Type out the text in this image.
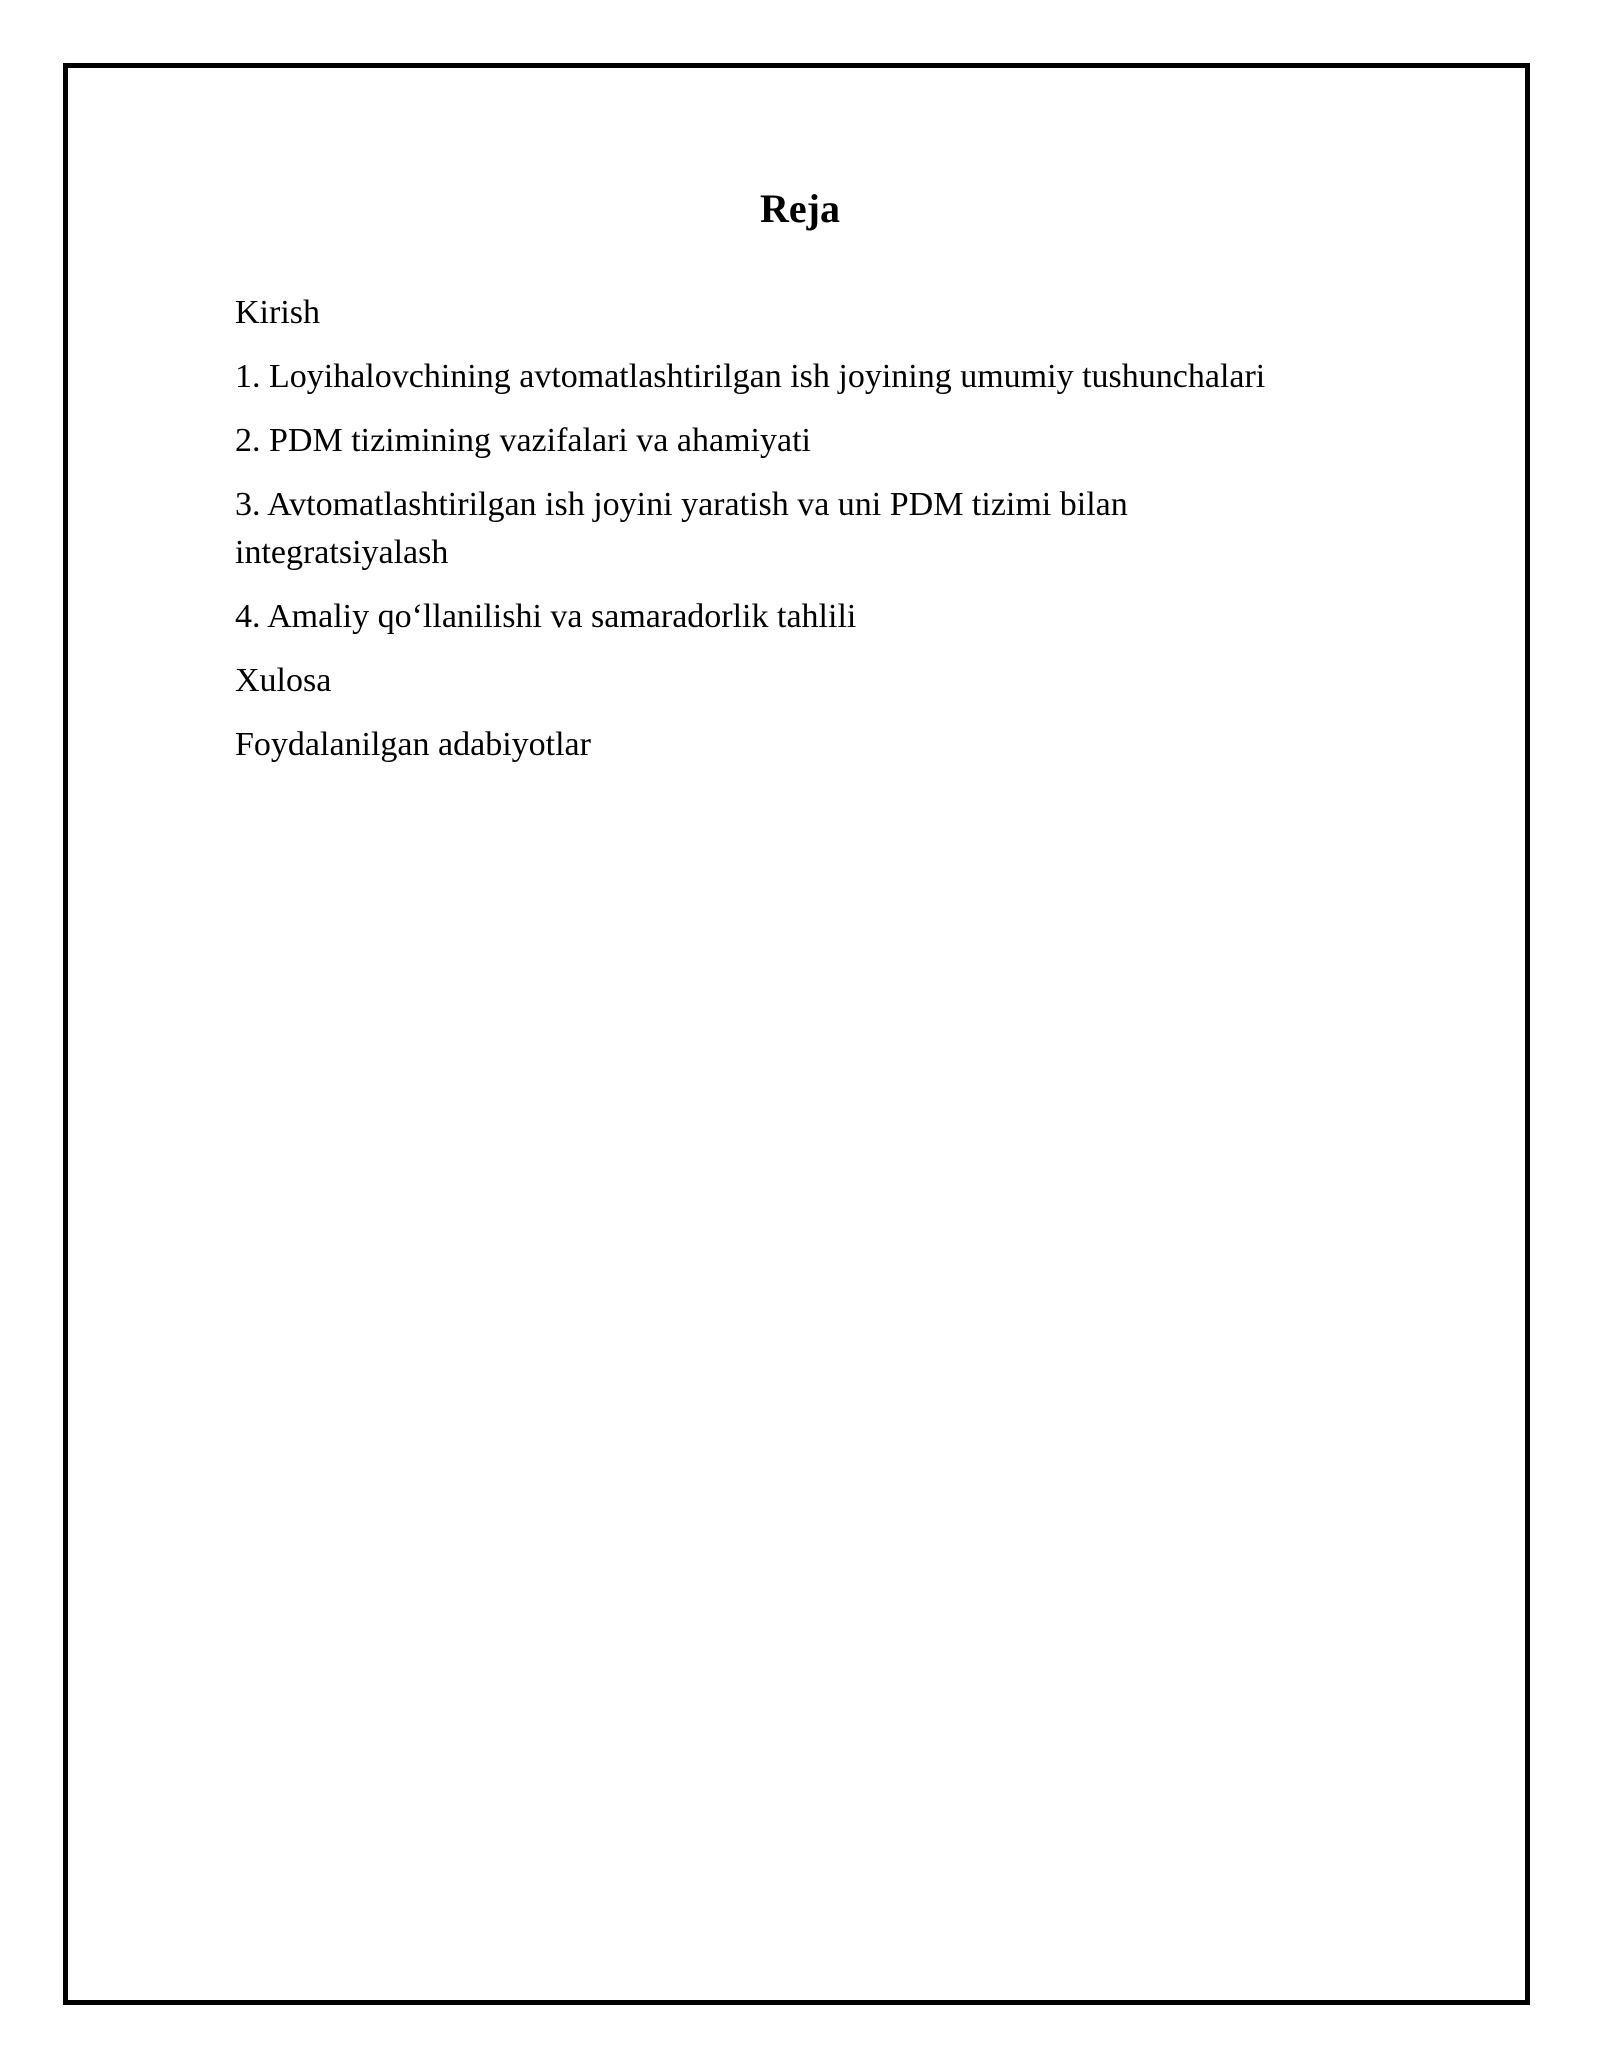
Reja
Kirish
1. Loyihalovchining avtomatlashtirilgan ish joyining umumiy tushunchalari
2. PDM tizimining vazifalari va ahamiyati
3. Avtomatlashtirilgan ish joyini yaratish va uni PDM tizimi bilan integratsiyalash
4. Amaliy qo‘llanilishi va samaradorlik tahlili
Xulosa
Foydalanilgan adabiyotlar
